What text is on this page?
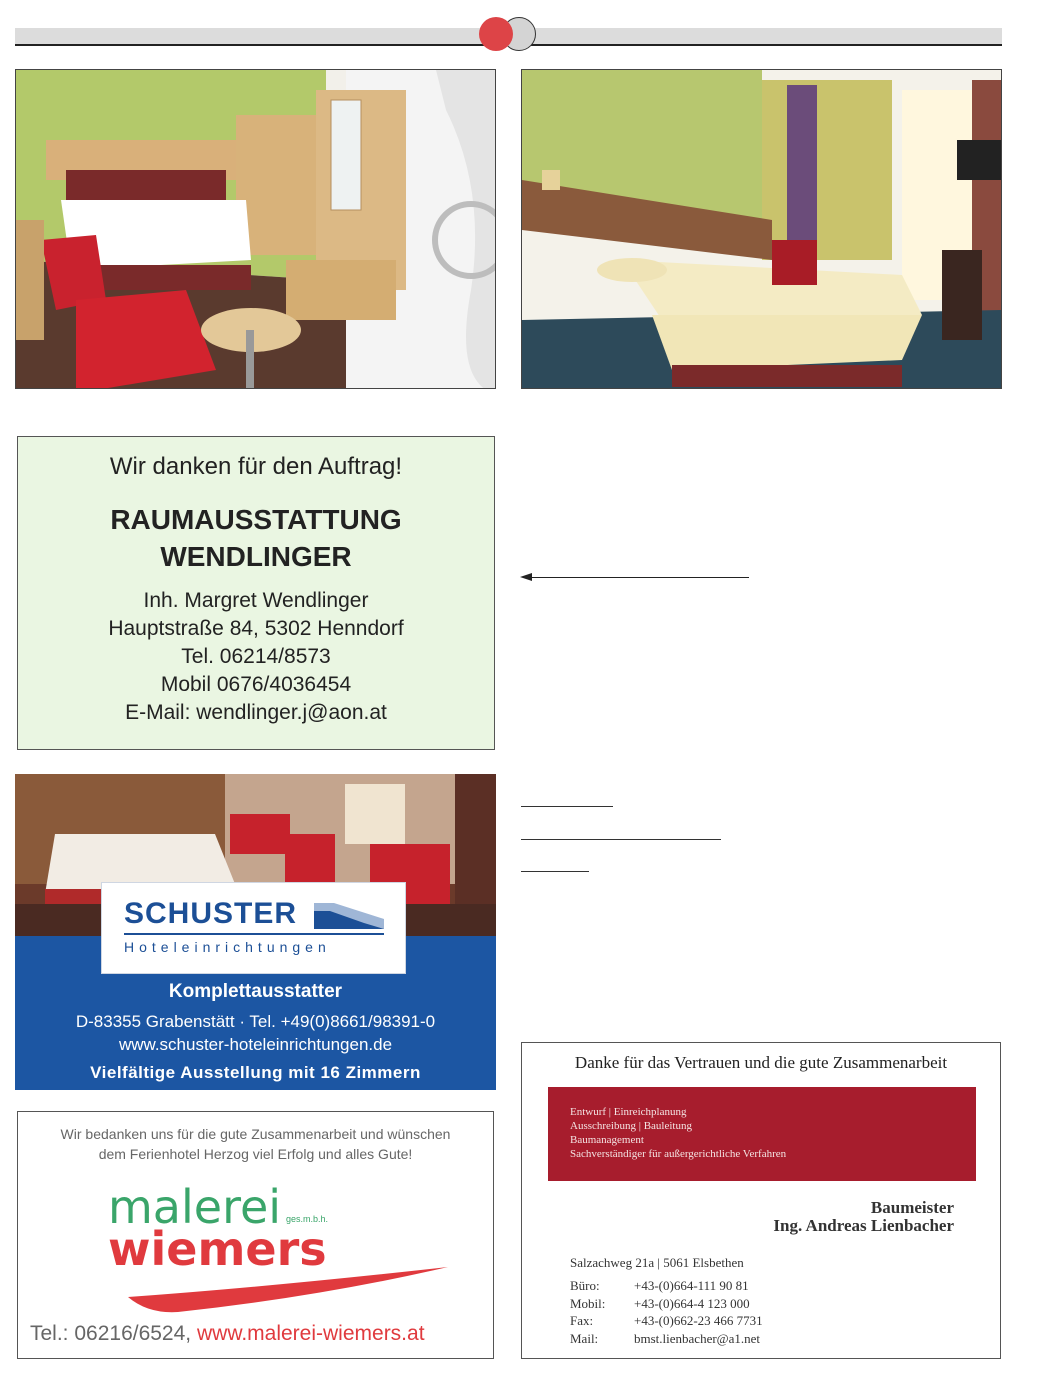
Wir danken für den Auftrag!
RAUMAUSSTATTUNG
WENDLINGER
Inh. Margret Wendlinger
Hauptstraße 84, 5302 Henndorf
Tel. 06214/8573
Mobil 0676/4036454
E-Mail: wendlinger.j@aon.at
Komplettausstatter
D-83355 Grabenstätt · Tel. +49(0)8661/98391-0
www.schuster-hoteleinrichtungen.de
Vielfältige Ausstellung mit 16 Zimmern
SCHUSTER
Hoteleinrichtungen
Wir bedanken uns für die gute Zusammenarbeit und wünschen
dem Ferienhotel Herzog viel Erfolg und alles Gute!
malerei ges.m.b.h.
wiemers
Tel.: 06216/6524, www.malerei-wiemers.at
Danke für das Vertrauen und die gute Zusammenarbeit
Entwurf | Einreichplanung
Ausschreibung | Bauleitung
Baumanagement
Sachverständiger für außergerichtliche Verfahren
Baumeister
Ing. Andreas Lienbacher
Salzachweg 21a | 5061 Elsbethen
Büro:	+43-(0)664-111 90 81
Mobil: +43-(0)664-4 123 000
Fax:	+43-(0)662-23 466 7731
Mail:	bmst.lienbacher@a1.net
